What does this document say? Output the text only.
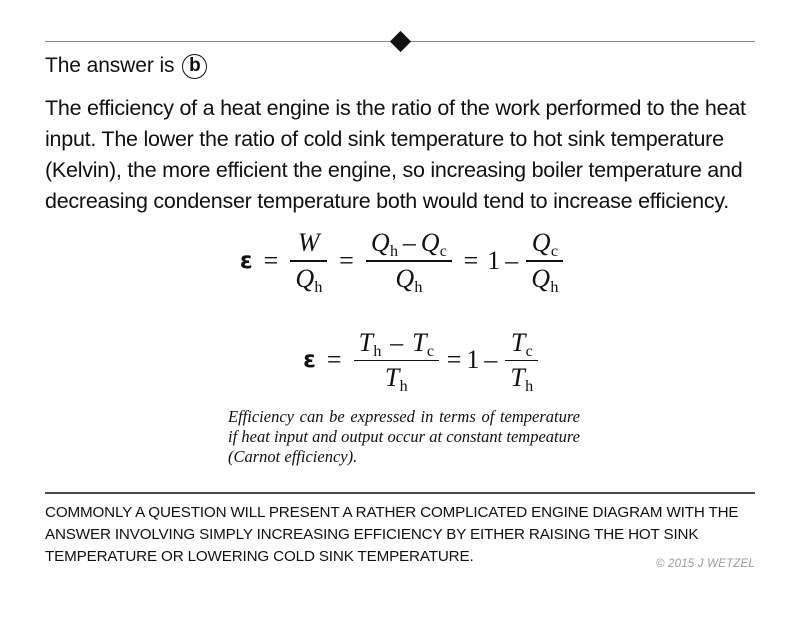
The answer is b
The efficiency of a heat engine is the ratio of the work performed to the heat input. The lower the ratio of cold sink temperature to hot sink temperature (Kelvin), the more efficient the engine, so increasing boiler temperature and decreasing condenser temperature both would tend to increase efficiency.
$\varepsilon = \frac{W}{Q_h} = \frac{Q_h - Q_c}{Q_h} = 1 - \frac{Q_c}{Q_h}$
$\varepsilon = \frac{T_h - T_c}{T_h} = 1 - \frac{T_c}{T_h}$
Efficiency can be expressed in terms of temperature if heat input and output occur at constant tempeature (Carnot efficiency).
COMMONLY A QUESTION WILL PRESENT A RATHER COMPLICATED ENGINE DIAGRAM WITH THE ANSWER INVOLVING SIMPLY INCREASING EFFICIENCY BY EITHER RAISING THE HOT SINK TEMPERATURE OR LOWERING COLD SINK TEMPERATURE.	© 2015 J WETZEL
